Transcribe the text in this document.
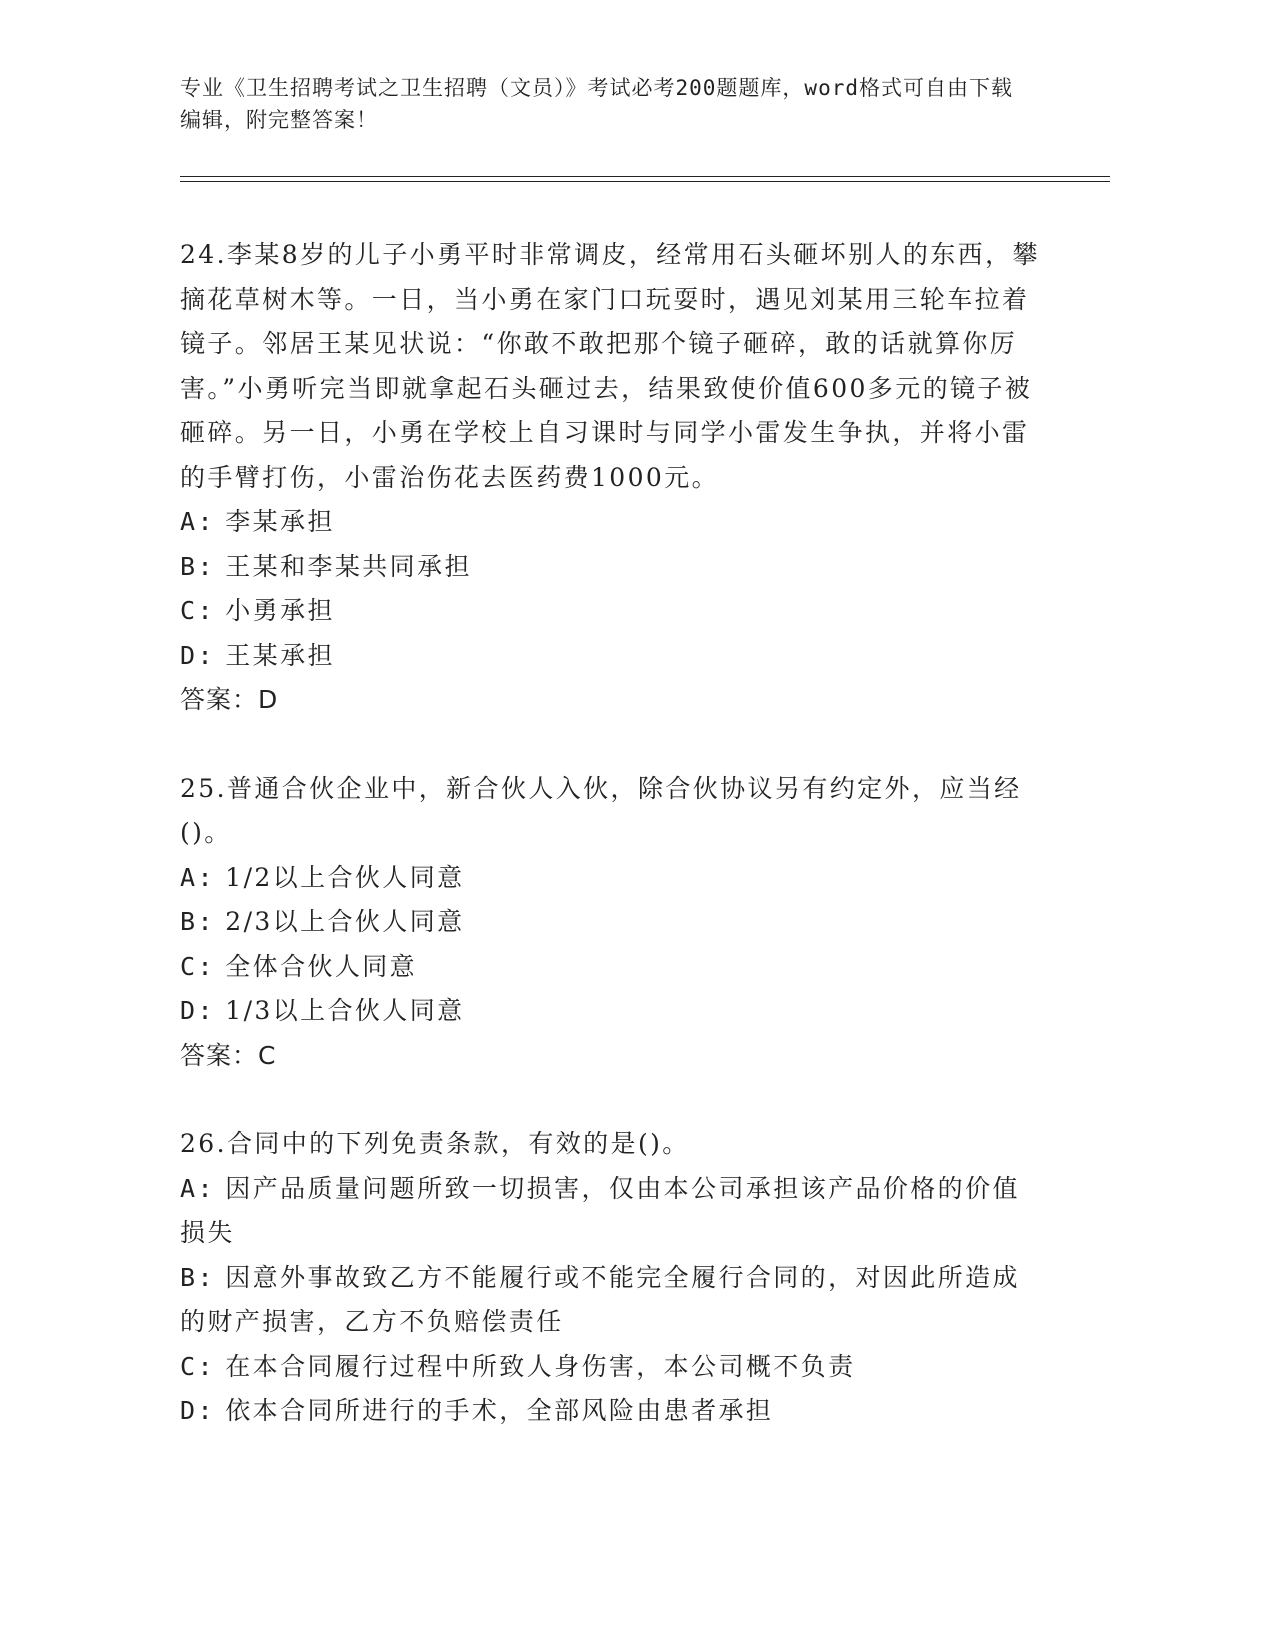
专业《卫生招聘考试之卫生招聘（文员）》考试必考200题题库，word格式可自由下载编辑，附完整答案！

24.李某8岁的儿子小勇平时非常调皮，经常用石头砸坏别人的东西，攀摘花草树木等。一日，当小勇在家门口玩耍时，遇见刘某用三轮车拉着镜子。邻居王某见状说：“你敢不敢把那个镜子砸碎，敢的话就算你厉害。”小勇听完当即就拿起石头砸过去，结果致使价值600多元的镜子被砸碎。另一日，小勇在学校上自习课时与同学小雷发生争执，并将小雷的手臂打伤，小雷治伤花去医药费1000元。

A: 李某承担

B: 王某和李某共同承担

C: 小勇承担

D: 王某承担

答案：D

25.普通合伙企业中，新合伙人入伙，除合伙协议另有约定外，应当经()。

A: 1/2以上合伙人同意

B: 2/3以上合伙人同意

C: 全体合伙人同意

D: 1/3以上合伙人同意

答案：C

26.合同中的下列免责条款，有效的是()。

A: 因产品质量问题所致一切损害，仅由本公司承担该产品价格的价值损失

B: 因意外事故致乙方不能履行或不能完全履行合同的，对因此所造成的财产损害，乙方不负赔偿责任

C: 在本合同履行过程中所致人身伤害，本公司概不负责

D: 依本合同所进行的手术，全部风险由患者承担
